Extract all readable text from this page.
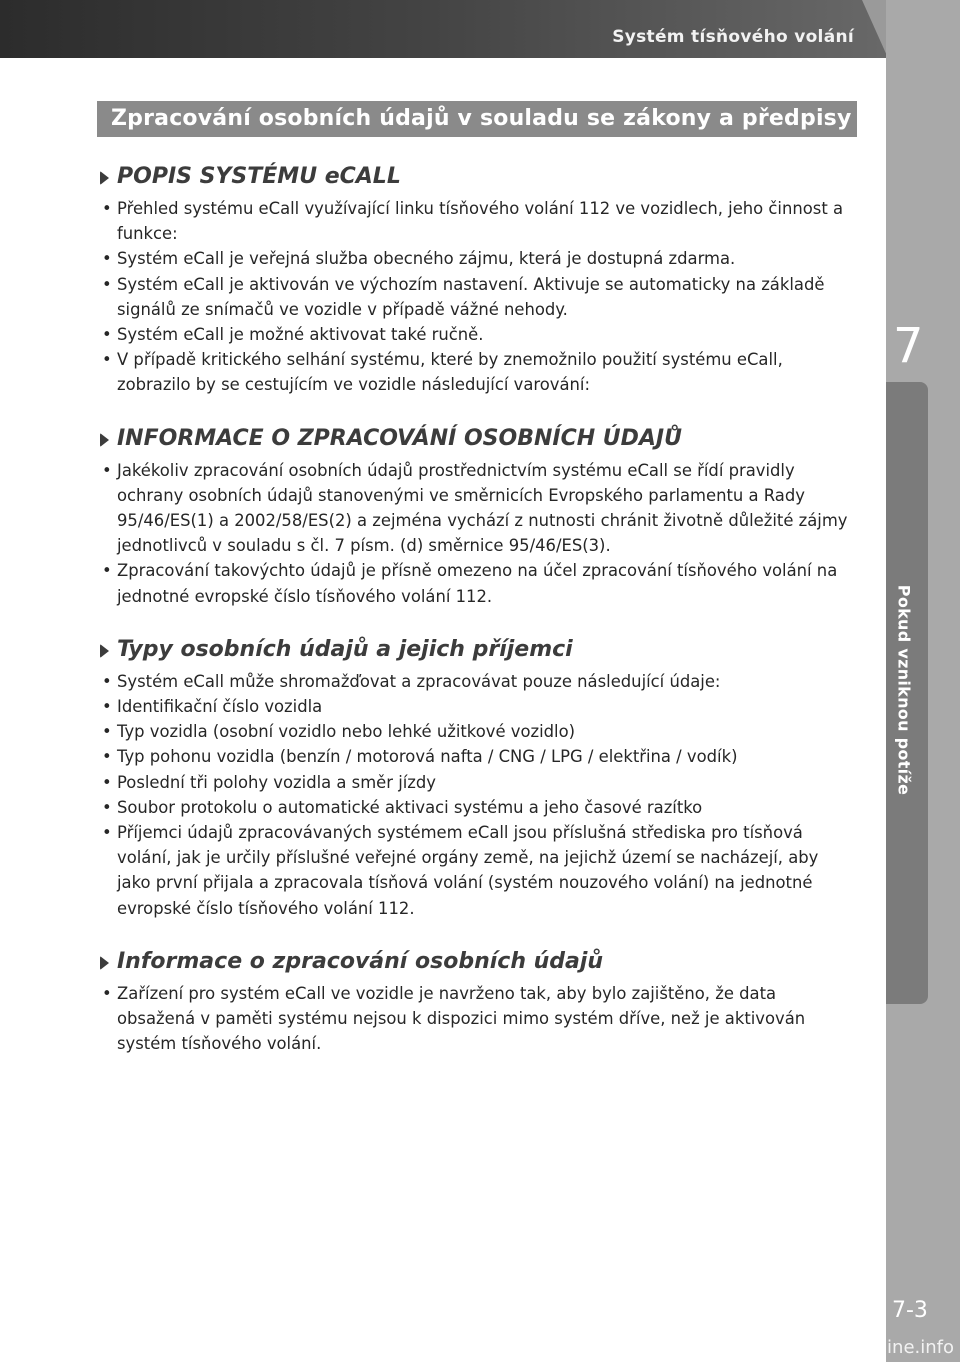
Systém tísňového volání
7
Pokud vzniknou potíže
7-3
Zpracování osobních údajů v souladu se zákony a předpisy
POPIS SYSTÉMU eCALL
• Přehled systému eCall využívající linku tísňového volání 112 ve vozidlech, jeho činnost a funkce:
• Systém eCall je veřejná služba obecného zájmu, která je dostupná zdarma.
• Systém eCall je aktivován ve výchozím nastavení. Aktivuje se automaticky na základě signálů ze snímačů ve vozidle v případě vážné nehody.
• Systém eCall je možné aktivovat také ručně.
• V případě kritického selhání systému, které by znemožnilo použití systému eCall, zobrazilo by se cestujícím ve vozidle následující varování:
INFORMACE O ZPRACOVÁNÍ OSOBNÍCH ÚDAJŮ
• Jakékoliv zpracování osobních údajů prostřednictvím systému eCall se řídí pravidly ochrany osobních údajů stanovenými ve směrnicích Evropského parlamentu a Rady 95/46/ES(1) a 2002/58/ES(2) a zejména vychází z nutnosti chránit životně důležité zájmy jednotlivců v souladu s čl. 7 písm. (d) směrnice 95/46/ES(3).
• Zpracování takovýchto údajů je přísně omezeno na účel zpracování tísňového volání na jednotné evropské číslo tísňového volání 112.
Typy osobních údajů a jejich příjemci
• Systém eCall může shromažďovat a zpracovávat pouze následující údaje:
• Identifikační číslo vozidla
• Typ vozidla (osobní vozidlo nebo lehké užitkové vozidlo)
• Typ pohonu vozidla (benzín / motorová nafta / CNG / LPG / elektřina / vodík)
• Poslední tři polohy vozidla a směr jízdy
• Soubor protokolu o automatické aktivaci systému a jeho časové razítko
• Příjemci údajů zpracovávaných systémem eCall jsou příslušná střediska pro tísňová volání, jak je určily příslušné veřejné orgány země, na jejichž území se nacházejí, aby jako první přijala a zpracovala tísňová volání (systém nouzového volání) na jednotné evropské číslo tísňového volání 112.
Informace o zpracování osobních údajů
• Zařízení pro systém eCall ve vozidle je navrženo tak, aby bylo zajištěno, že data obsažená v paměti systému nejsou k dispozici mimo systém dříve, než je aktivován systém tísňového volání.
carmanualsonline.info
